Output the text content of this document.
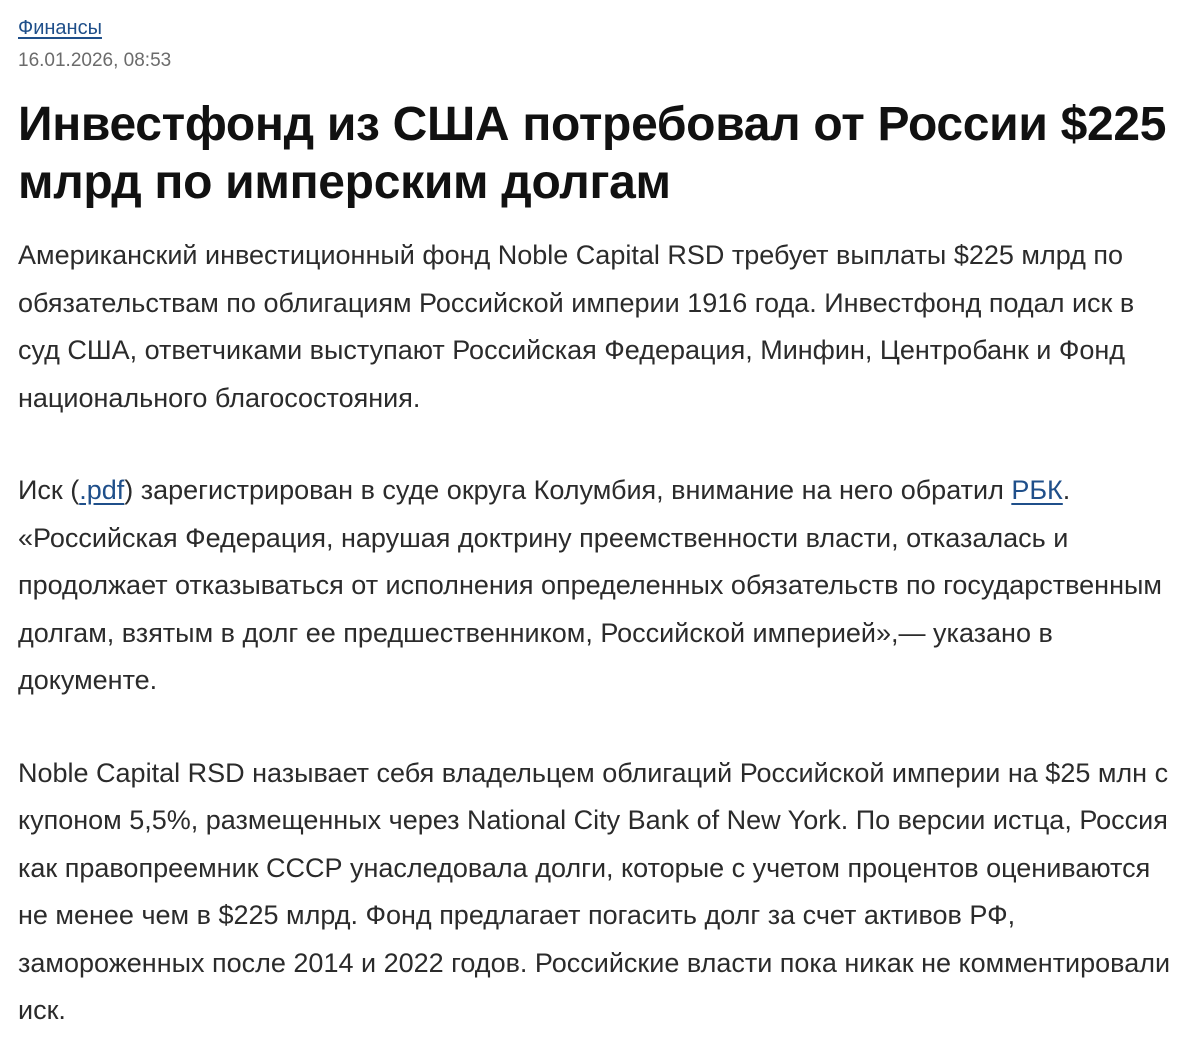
Финансы
16.01.2026, 08:53
Инвестфонд из США потребовал от России $225 млрд по имперским долгам

Американский инвестиционный фонд Noble Capital RSD требует выплаты $225 млрд по обязательствам по облигациям Российской империи 1916 года. Инвестфонд подал иск в суд США, ответчиками выступают Российская Федерация, Минфин, Центробанк и Фонд национального благосостояния.

Иск (.pdf) зарегистрирован в суде округа Колумбия, внимание на него обратил РБК. «Российская Федерация, нарушая доктрину преемственности власти, отказалась и продолжает отказываться от исполнения определенных обязательств по государственным долгам, взятым в долг ее предшественником, Российской империей»,— указано в документе.

Noble Capital RSD называет себя владельцем облигаций Российской империи на $25 млн с купоном 5,5%, размещенных через National City Bank of New York. По версии истца, Россия как правопреемник СССР унаследовала долги, которые с учетом процентов оцениваются не менее чем в $225 млрд. Фонд предлагает погасить долг за счет активов РФ, замороженных после 2014 и 2022 годов. Российские власти пока никак не комментировали иск.
